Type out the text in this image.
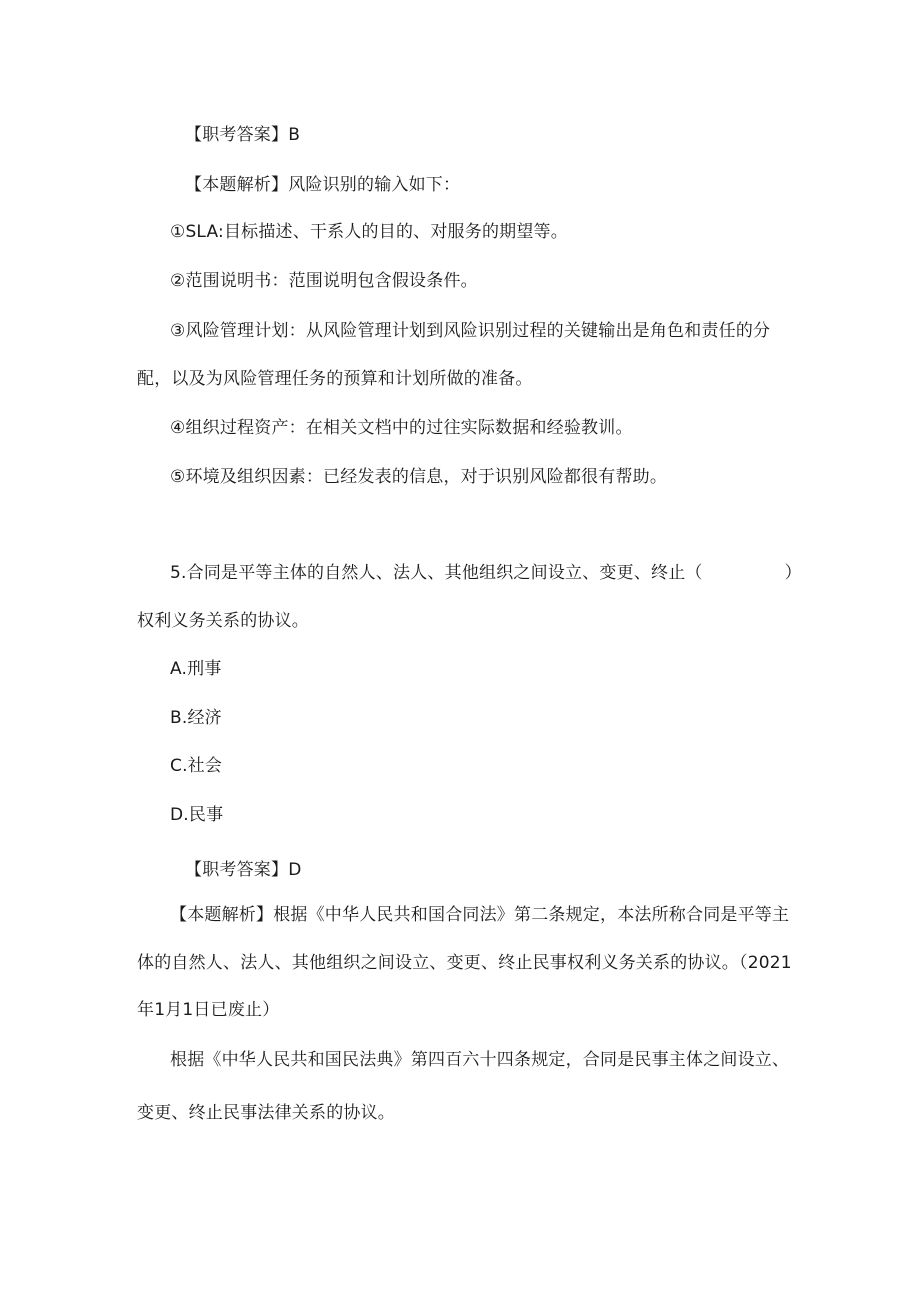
【职考答案】B
【本题解析】风险识别的输入如下：
①SLA:目标描述、干系人的目的、对服务的期望等。
②范围说明书：范围说明包含假设条件。
③风险管理计划：从风险管理计划到风险识别过程的关键输出是角色和责任的分
配，以及为风险管理任务的预算和计划所做的准备。
④组织过程资产：在相关文档中的过往实际数据和经验教训。
⑤环境及组织因素：已经发表的信息，对于识别风险都很有帮助。
5.合同是平等主体的自然人、法人、其他组织之间设立、变更、终止（	）
权利义务关系的协议。
A.刑事
B.经济
C.社会
D.民事
【职考答案】D
【本题解析】根据《中华人民共和国合同法》第二条规定，本法所称合同是平等主
体的自然人、法人、其他组织之间设立、变更、终止民事权利义务关系的协议。（2021
年1月1日已废止）
根据《中华人民共和国民法典》第四百六十四条规定，合同是民事主体之间设立、
变更、终止民事法律关系的协议。
